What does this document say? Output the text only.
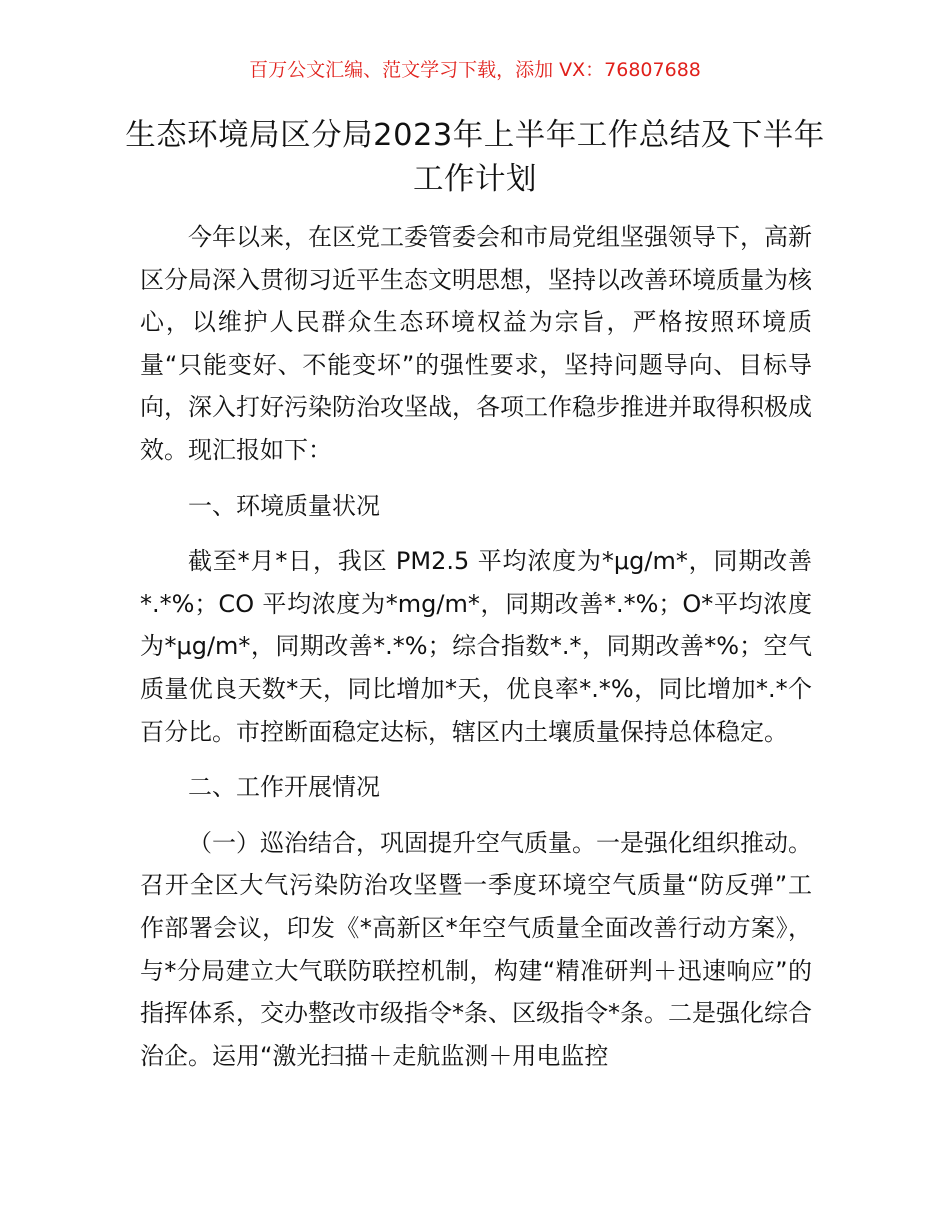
百万公文汇编、范文学习下载，添加 VX：76807688
生态环境局区分局2023年上半年工作总结及下半年工作计划

今年以来，在区党工委管委会和市局党组坚强领导下，高新区分局深入贯彻习近平生态文明思想，坚持以改善环境质量为核心，以维护人民群众生态环境权益为宗旨，严格按照环境质量“只能变好、不能变坏”的强性要求，坚持问题导向、目标导向，深入打好污染防治攻坚战，各项工作稳步推进并取得积极成效。现汇报如下：

一、环境质量状况

截至*月*日，我区 PM2.5 平均浓度为*μg/m*，同期改善*.*%；CO 平均浓度为*mg/m*，同期改善*.*%；O*平均浓度为*μg/m*，同期改善*.*%；综合指数*.*，同期改善*%；空气质量优良天数*天，同比增加*天，优良率*.*%，同比增加*.*个百分比。市控断面稳定达标，辖区内土壤质量保持总体稳定。

二、工作开展情况

（一）巡治结合，巩固提升空气质量。一是强化组织推动。召开全区大气污染防治攻坚暨一季度环境空气质量“防反弹”工作部署会议，印发《*高新区*年空气质量全面改善行动方案》，与*分局建立大气联防联控机制，构建“精准研判＋迅速响应”的指挥体系，交办整改市级指令*条、区级指令*条。二是强化综合治企。运用“激光扫描＋走航监测＋用电监控
